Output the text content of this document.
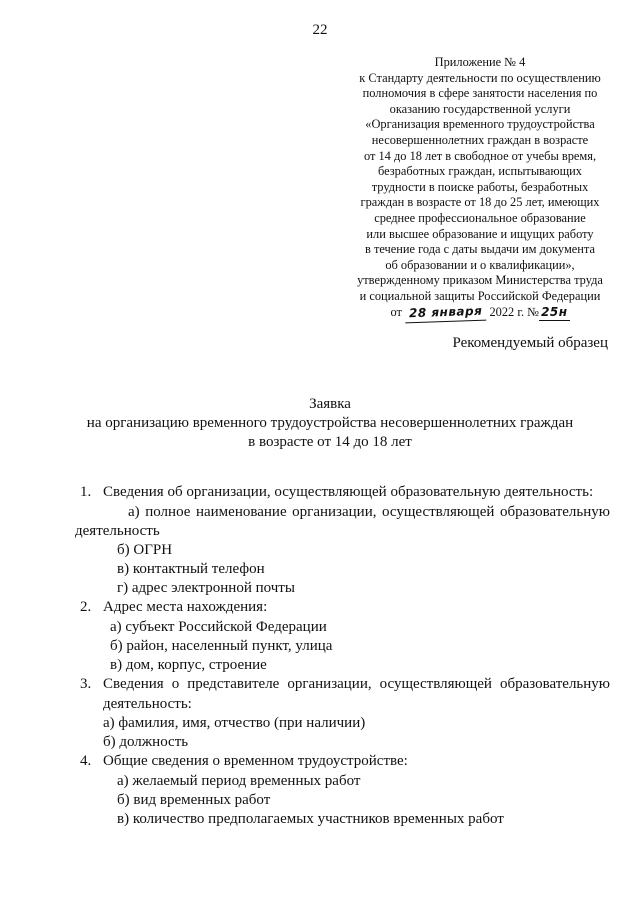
22
Приложение № 4
к Стандарту деятельности по осуществлению
полномочия в сфере занятости населения по
оказанию государственной услуги
«Организация временного трудоустройства
несовершеннолетних граждан в возрасте
от 14 до 18 лет в свободное от учебы время,
безработных граждан, испытывающих
трудности в поиске работы, безработных
граждан в возрасте от 18 до 25 лет, имеющих
среднее профессиональное образование
или высшее образование и ищущих работу
в течение года с даты выдачи им документа
об образовании и о квалификации»,
утвержденному приказом Министерства труда
и социальной защиты Российской Федерации
от 28 января 2022 г. № 25н
Рекомендуемый образец
Заявка
на организацию временного трудоустройства несовершеннолетних граждан
в возрасте от 14 до 18 лет
1. Сведения об организации, осуществляющей образовательную деятельность:
а) полное наименование организации, осуществляющей образовательную
деятельность
б) ОГРН
в) контактный телефон
г) адрес электронной почты
2. Адрес места нахождения:
а) субъект Российской Федерации
б) район, населенный пункт, улица
в) дом, корпус, строение
3. Сведения о представителе организации, осуществляющей образовательную
деятельность:
а) фамилия, имя, отчество (при наличии)
б) должность
4. Общие сведения о временном трудоустройстве:
а) желаемый период временных работ
б) вид временных работ
в) количество предполагаемых участников временных работ
